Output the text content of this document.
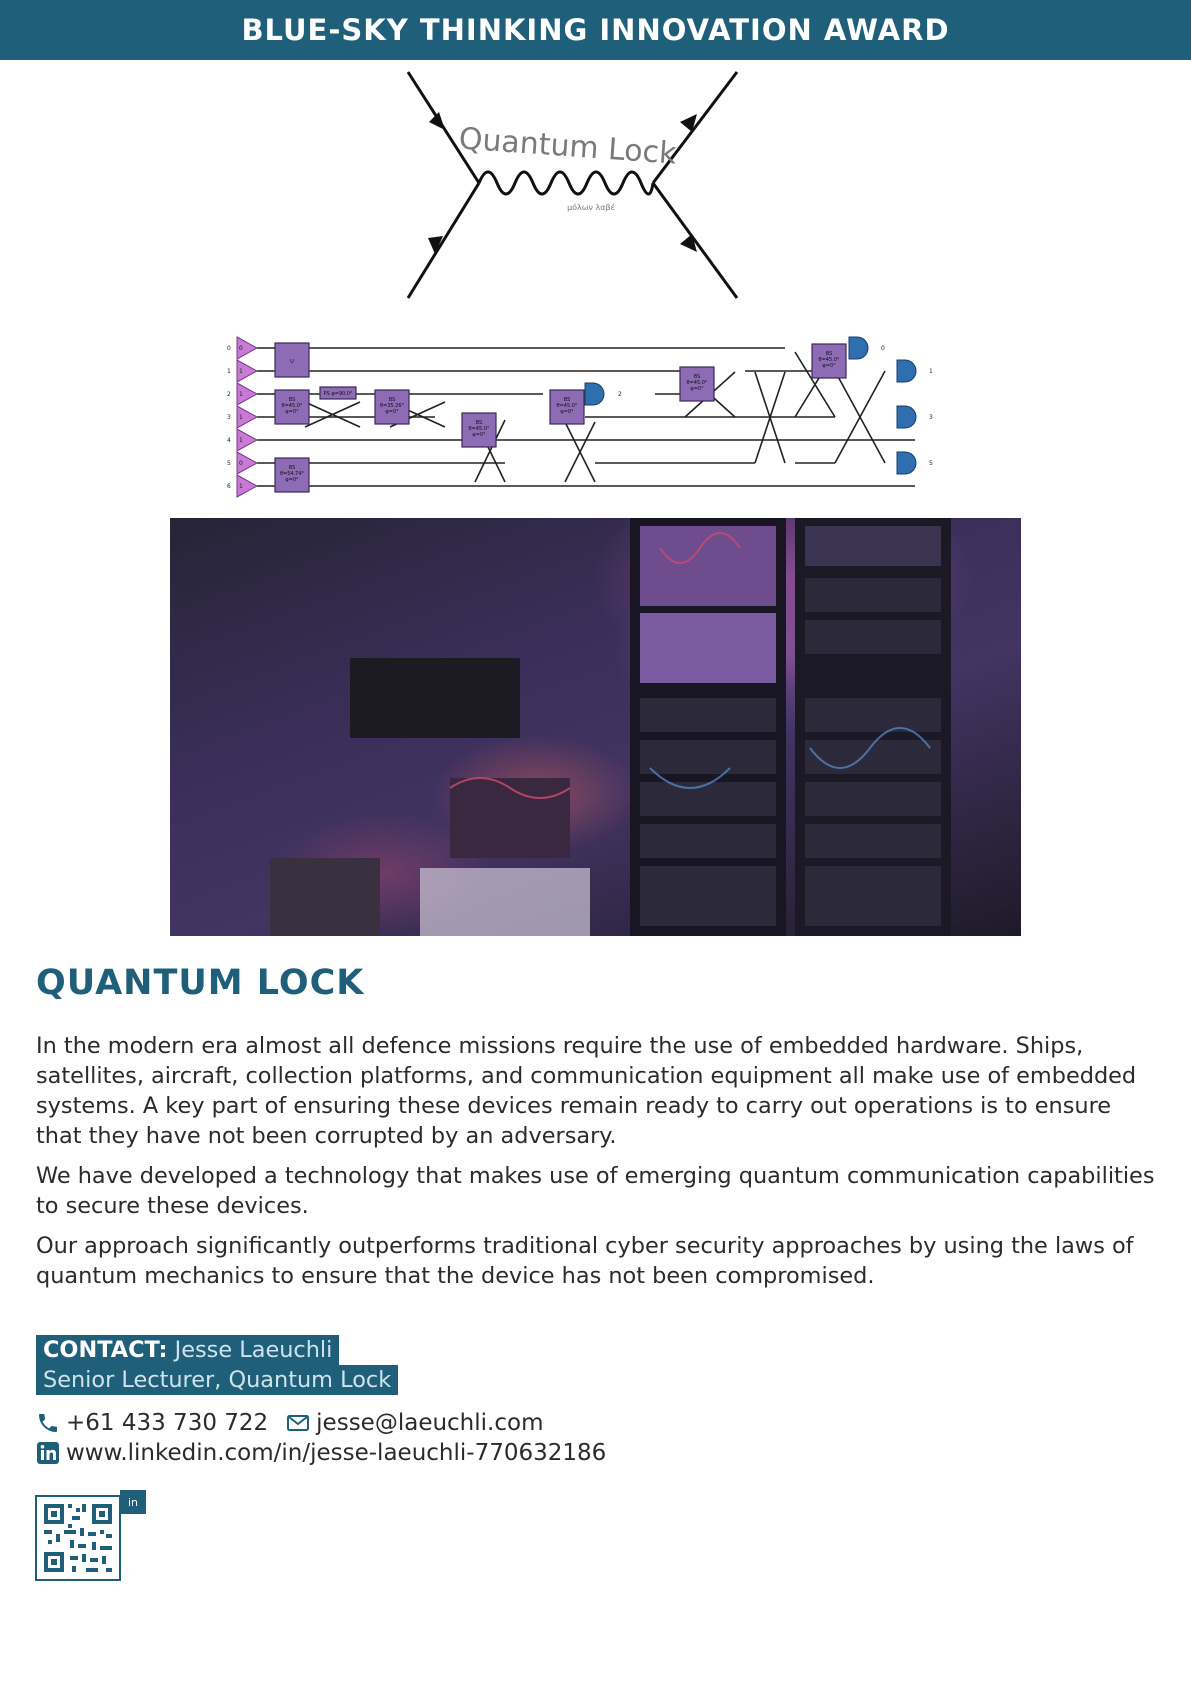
BLUE-SKY THINKING INNOVATION AWARD
Quantum Lock
μόλων λαβέ
0
1
2
3
4
5
6
0
1
1
1
1
0
1
U
PS φ=90.0°
BS
θ=45.0°
φ=0°
BS
θ=35.26°
φ=0°
BS
θ=45.0°
φ=0°
BS
θ=45.0°
φ=0°
BS
θ=45.0°
φ=0°
BS
θ=45.0°
φ=0°
BS
θ=54.74°
φ=0°
0
1
2
3
5
QUANTUM LOCK

In the modern era almost all defence missions require the use of embedded hardware. Ships, satellites, aircraft, collection platforms, and communication equipment all make use of embedded systems. A key part of ensuring these devices remain ready to carry out operations is to ensure that they have not been corrupted by an adversary.

We have developed a technology that makes use of emerging quantum communication capabilities to secure these devices.

Our approach significantly outperforms traditional cyber security approaches by using the laws of quantum mechanics to ensure that the device has not been compromised.

CONTACT: Jesse Laeuchli
Senior Lecturer, Quantum Lock
+61 433 730 722 jesse@laeuchli.com
www.linkedin.com/in/jesse-laeuchli-770632186
in
